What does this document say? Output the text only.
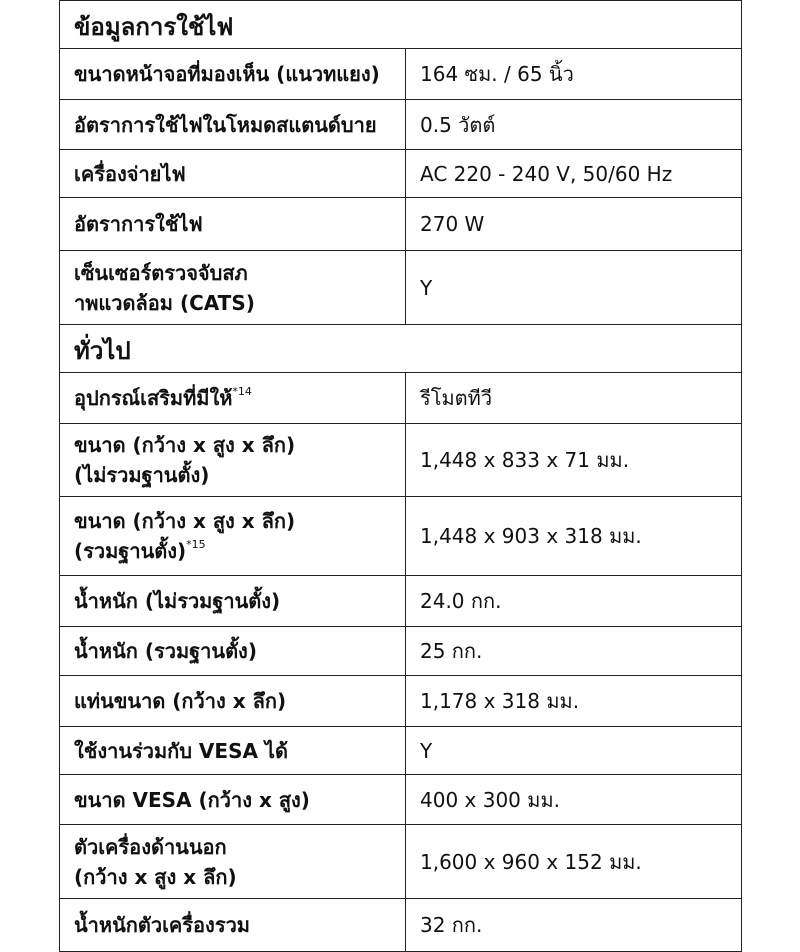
ข้อมูลการใช้ไฟ	

ขนาดหน้าจอที่มองเห็น (แนวทแยง)	164 ซม. / 65 นิ้ว

อัตราการใช้ไฟในโหมดสแตนด์บาย	0.5 วัตต์

เครื่องจ่ายไฟ	AC 220 - 240 V, 50/60 Hz

อัตราการใช้ไฟ	270 W

เซ็นเซอร์ตรวจจับสภ
าพแวดล้อม (CATS)	Y
ทั่วไป	
อุปกรณ์เสริมที่มีให้$^{*14}$	รีโมตทีวี

ขนาด (กว้าง x สูง x ลึก)
(ไม่รวมฐานตั้ง)	1,448 x 833 x 71 มม.

ขนาด (กว้าง x สูง x ลึก)
(รวมฐานตั้ง)$^{*15}$	1,448 x 903 x 318 มม.

น้ำหนัก (ไม่รวมฐานตั้ง)	24.0 กก.

น้ำหนัก (รวมฐานตั้ง)	25 กก.

แท่นขนาด (กว้าง x ลึก)	1,178 x 318 มม.

ใช้งานร่วมกับ VESA ได้	Y

ขนาด VESA (กว้าง x สูง)	400 x 300 มม.

ตัวเครื่องด้านนอก
(กว้าง x สูง x ลึก)	1,600 x 960 x 152 มม.

น้ำหนักตัวเครื่องรวม	32 กก.
